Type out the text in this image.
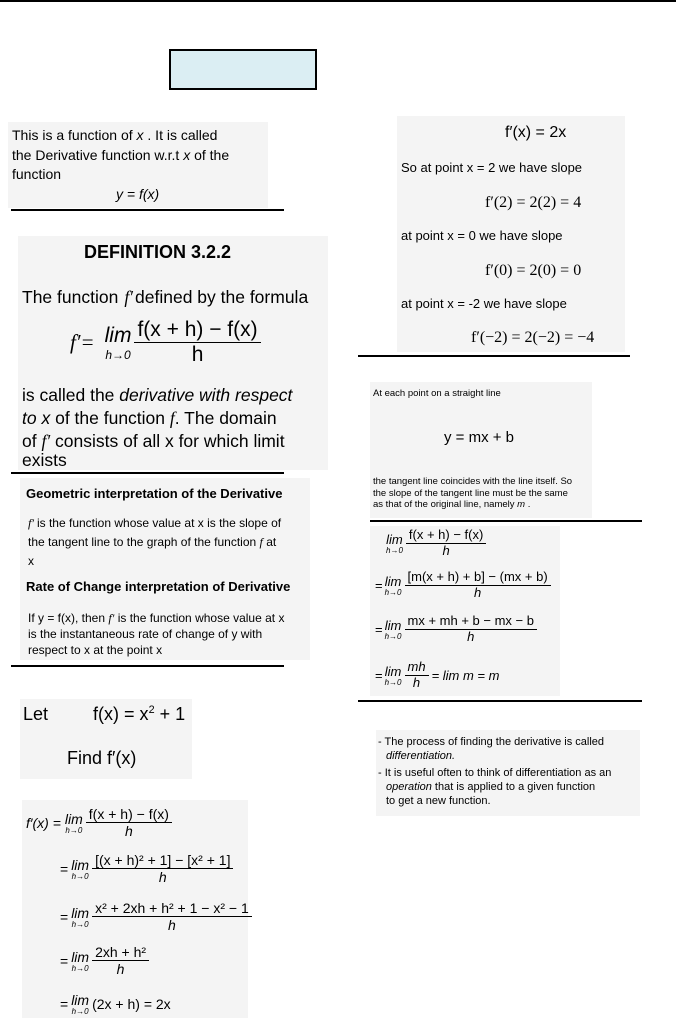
This is a function of x . It is called
the Derivative function w.r.t x of the
function
y = f(x)
DEFINITION 3.2.2
The function f′ defined by the formula
f′= lim
$h\to 0 \frac{f(x + h) - f(x)}{h}$
is called the derivative with respect
to x of the function f. The domain
of f′ consists of all x for which limit
exists
Geometric interpretation of the Derivative
f′ is the function whose value at x is the slope of
the tangent line to the graph of the function f at
x
Rate of Change interpretation of Derivative
If y = f(x), then f′ is the function whose value at x
is the instantaneous rate of change of y with
respect to x at the point x
Let	$f(x) = x^2 + 1$
Find f′(x)
f′(x) = lim
$h\to 0 \frac{f(x + h) - f(x)}{h}$
= lim
$h\to 0 \frac{\text{[(x + h)² + 1] − [x² + 1]}}{h}$
= lim
$h\to 0 \frac{\text{x² + 2xh + h² + 1 − x² − 1}}{h}$
= lim
$h\to 0 \frac{\text{2xh + h²}}{h}$
= lim
h→0 (2x + h) = 2x
f′(x) = 2x
So at point x = 2 we have slope
f′(2) = 2(2) = 4
at point x = 0 we have slope
f′(0) = 2(0) = 0
at point x = -2 we have slope
f′(−2) = 2(−2) = −4
At each point on a straight line
y = mx + b
the tangent line coincides with the line itself. So
the slope of the tangent line must be the same
as that of the original line, namely m .
lim
$h\to 0 \frac{f(x + h) - f(x)}{h}$
= lim
$h\to 0 \frac{[m(x + h) + b] - (mx + b)}{h}$
= lim
$h\to 0 \frac{mx + mh + b - mx - b}{h}$
= lim
$h\to 0 \frac{mh}{h} = \lim m = m$
- The process of finding the derivative is called
differentiation.
- It is useful often to think of differentiation as an
operation that is applied to a given function
to get a new function.
